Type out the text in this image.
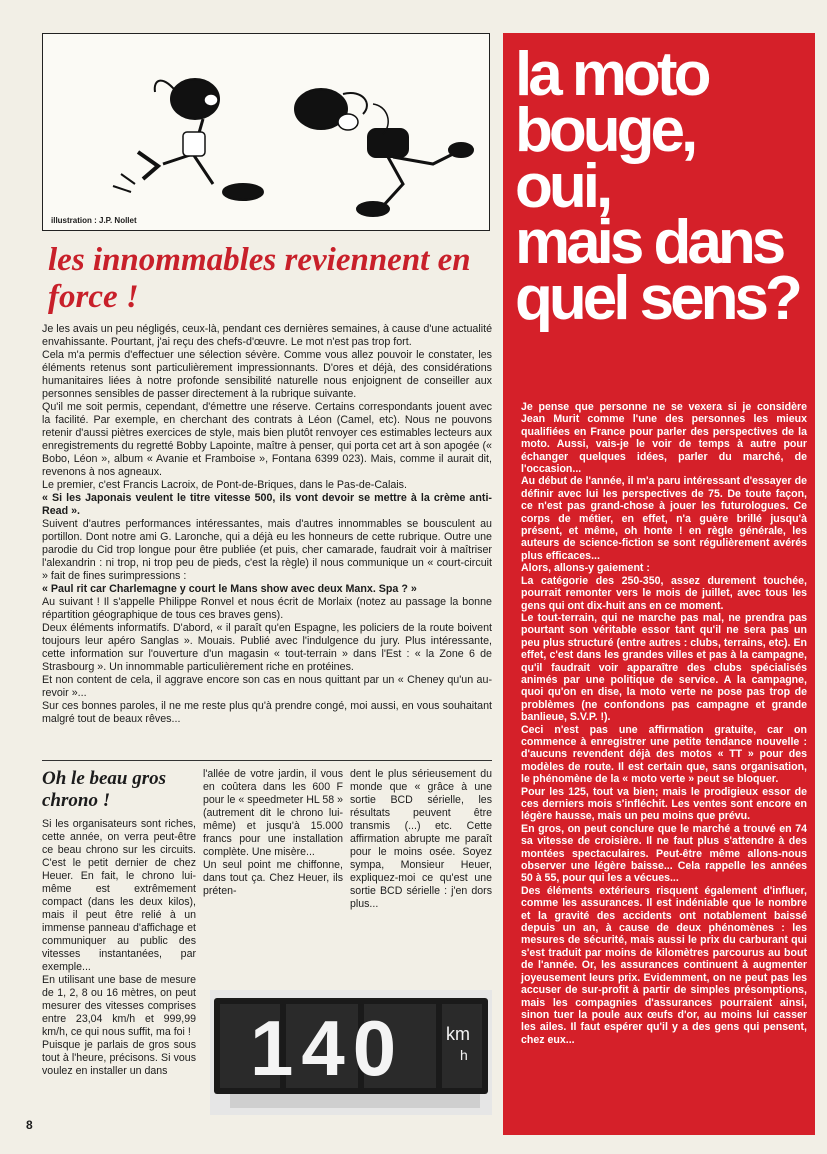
illustration : J.P. Nollet
les innommables reviennent en force !

Je les avais un peu négligés, ceux-là, pendant ces dernières semaines, à cause d'une actualité envahissante. Pourtant, j'ai reçu des chefs-d'œuvre. Le mot n'est pas trop fort.

Cela m'a permis d'effectuer une sélection sévère. Comme vous allez pouvoir le constater, les éléments retenus sont particulièrement impressionnants. D'ores et déjà, des considérations humanitaires liées à notre profonde sensibilité naturelle nous enjoignent de conseiller aux personnes sensibles de passer directement à la rubrique suivante.

Qu'il me soit permis, cependant, d'émettre une réserve. Certains correspondants jouent avec la facilité. Par exemple, en cherchant des contrats à Léon (Camel, etc). Nous ne pouvons retenir d'aussi piètres exercices de style, mais bien plutôt renvoyer ces estimables lecteurs aux enregistrements du regretté Bobby Lapointe, maître à penser, qui porta cet art à son apogée (« Bobo, Léon », album « Avanie et Framboise », Fontana 6399 023). Mais, comme il aurait dit, revenons à nos agneaux.

Le premier, c'est Francis Lacroix, de Pont-de-Briques, dans le Pas-de-Calais.

« Si les Japonais veulent le titre vitesse 500, ils vont devoir se mettre à la crème anti-Read ».

Suivent d'autres performances intéressantes, mais d'autres innommables se bousculent au portillon. Dont notre ami G. Laronche, qui a déjà eu les honneurs de cette rubrique. Outre une parodie du Cid trop longue pour être publiée (et puis, cher camarade, faudrait voir à maîtriser l'alexandrin : ni trop, ni trop peu de pieds, c'est la règle) il nous communique un « court-circuit » fait de fines surimpressions :

« Paul rit car Charlemagne y court le Mans show avec deux Manx. Spa ? »

Au suivant ! Il s'appelle Philippe Ronvel et nous écrit de Morlaix (notez au passage la bonne répartition géographique de tous ces braves gens).

Deux éléments informatifs. D'abord, « il paraît qu'en Espagne, les policiers de la route boivent toujours leur apéro Sanglas ». Mouais. Publié avec l'indulgence du jury. Plus intéressante, cette information sur l'ouverture d'un magasin « tout-terrain » dans l'Est : « la Zone 6 de Strasbourg ». Un innommable particulièrement riche en protéines.

Et non content de cela, il aggrave encore son cas en nous quittant par un « Cheney qu'un au-revoir »...

Sur ces bonnes paroles, il ne me reste plus qu'à prendre congé, moi aussi, en vous souhaitant malgré tout de beaux rêves...

Oh le beau gros chrono !

Si les organisateurs sont riches, cette année, on verra peut-être ce beau chrono sur les circuits. C'est le petit dernier de chez Heuer. En fait, le chrono lui-même est extrêmement compact (dans les deux kilos), mais il peut être relié à un immense panneau d'affichage et communiquer au public des vitesses instantanées, par exemple...

En utilisant une base de mesure de 1, 2, 8 ou 16 mètres, on peut mesurer des vitesses comprises entre 23,04 km/h et 999,99 km/h, ce qui nous suffit, ma foi !

Puisque je parlais de gros sous tout à l'heure, précisons. Si vous voulez en installer un dans

l'allée de votre jardin, il vous en coûtera dans les 600 F pour le « speedmeter HL 58 » (autrement dit le chrono lui-même) et jusqu'à 15.000 francs pour une installation complète. Une misère...

Un seul point me chiffonne, dans tout ça. Chez Heuer, ils préten-

dent le plus sérieusement du monde que « grâce à une sortie BCD sérielle, les résultats peuvent être transmis (...) etc. Cette affirmation abrupte me paraît pour le moins osée. Soyez sympa, Monsieur Heuer, expliquez-moi ce qu'est une sortie BCD sérielle : j'en dors plus...

140 km
h
8
la moto
bouge,
oui,
mais dans
quel sens?

Je pense que personne ne se vexera si je considère Jean Murit comme l'une des personnes les mieux qualifiées en France pour parler des perspectives de la moto. Aussi, vais-je le voir de temps à autre pour échanger quelques idées, parler du marché, de l'occasion...

Au début de l'année, il m'a paru intéressant d'essayer de définir avec lui les perspectives de 75. De toute façon, ce n'est pas grand-chose à jouer les futurologues. Ce corps de métier, en effet, n'a guère brillé jusqu'à présent, et même, oh honte ! en règle générale, les auteurs de science-fiction se sont régulièrement avérés plus efficaces...

Alors, allons-y gaiement :

La catégorie des 250-350, assez durement touchée, pourrait remonter vers le mois de juillet, avec tous les gens qui ont dix-huit ans en ce moment.

Le tout-terrain, qui ne marche pas mal, ne prendra pas pourtant son véritable essor tant qu'il ne sera pas un peu plus structuré (entre autres : clubs, terrains, etc). En effet, c'est dans les grandes villes et pas à la campagne, qu'il faudrait voir apparaître des clubs spécialisés animés par une politique de service. A la campagne, quoi qu'on en dise, la moto verte ne pose pas trop de problèmes (ne confondons pas campagne et grande banlieue, S.V.P. !).

Ceci n'est pas une affirmation gratuite, car on commence à enregistrer une petite tendance nouvelle : d'aucuns revendent déjà des motos « TT » pour des modèles de route. Il est certain que, sans organisation, le phénomène de la « moto verte » peut se bloquer.

Pour les 125, tout va bien; mais le prodigieux essor de ces derniers mois s'infléchit. Les ventes sont encore en légère hausse, mais un peu moins que prévu.

En gros, on peut conclure que le marché a trouvé en 74 sa vitesse de croisière. Il ne faut plus s'attendre à des montées spectaculaires. Peut-être même allons-nous observer une légère baisse... Cela rappelle les années 50 à 55, pour qui les a vécues...

Des éléments extérieurs risquent également d'influer, comme les assurances. Il est indéniable que le nombre et la gravité des accidents ont notablement baissé depuis un an, à cause de deux phénomènes : les mesures de sécurité, mais aussi le prix du carburant qui s'est traduit par moins de kilomètres parcourus au bout de l'année. Or, les assurances continuent à augmenter joyeusement leurs prix. Evidemment, on ne peut pas les accuser de sur-profit à partir de simples présomptions, mais les compagnies d'assurances pourraient ainsi, sinon tuer la poule aux œufs d'or, au moins lui casser les ailes. Il faut espérer qu'il y a des gens qui pensent, chez eux...
